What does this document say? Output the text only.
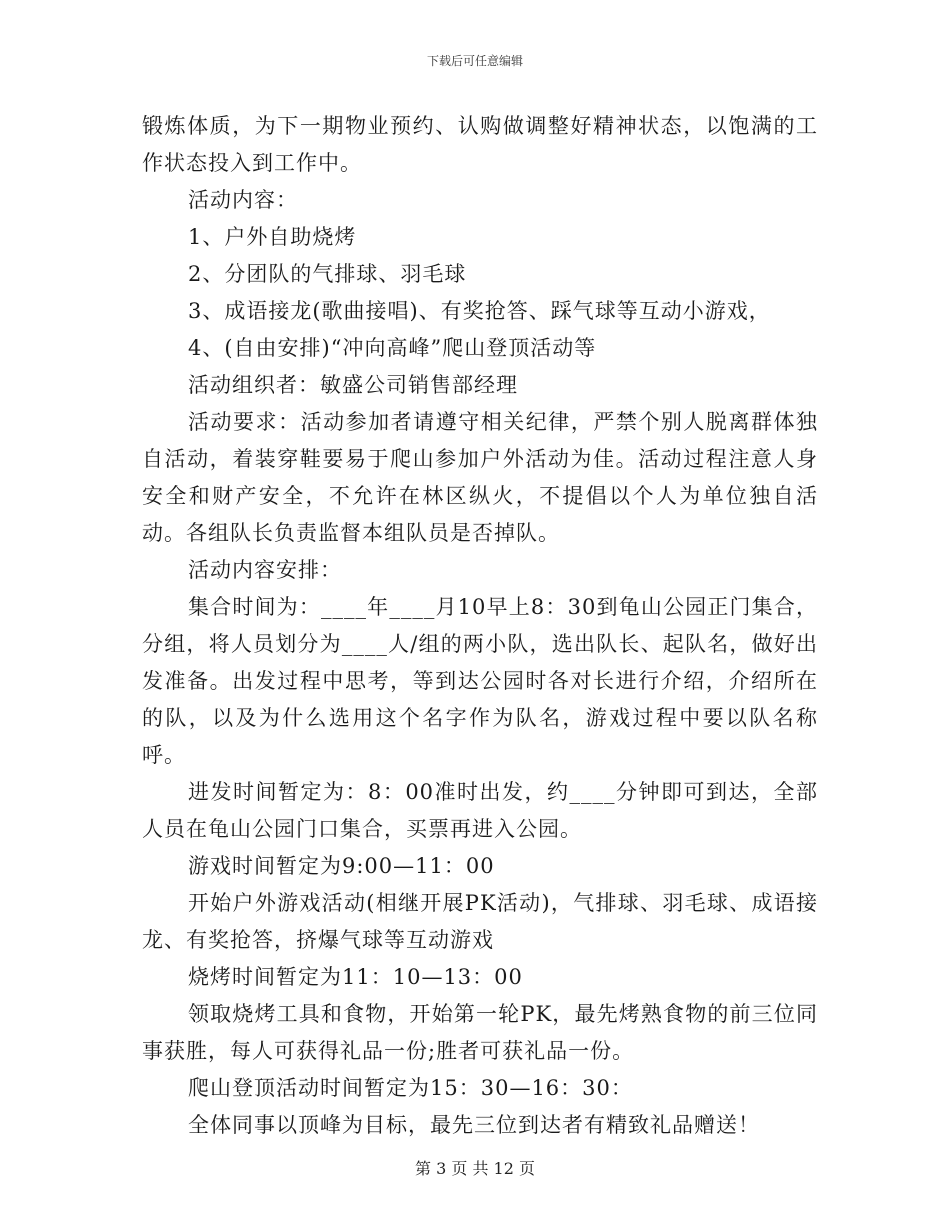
下载后可任意编辑

锻炼体质，为下一期物业预约、认购做调整好精神状态，以饱满的工作状态投入到工作中。

活动内容：

1、户外自助烧烤

2、分团队的气排球、羽毛球

3、成语接龙(歌曲接唱)、有奖抢答、踩气球等互动小游戏，

4、(自由安排)“冲向高峰”爬山登顶活动等

活动组织者：敏盛公司销售部经理

活动要求：活动参加者请遵守相关纪律，严禁个别人脱离群体独自活动，着装穿鞋要易于爬山参加户外活动为佳。活动过程注意人身安全和财产安全，不允许在林区纵火，不提倡以个人为单位独自活动。各组队长负责监督本组队员是否掉队。

活动内容安排：

集合时间为：____年____月10早上8：30到龟山公园正门集合，分组，将人员划分为____人/组的两小队，选出队长、起队名，做好出发准备。出发过程中思考，等到达公园时各对长进行介绍，介绍所在的队，以及为什么选用这个名字作为队名，游戏过程中要以队名称呼。

进发时间暂定为：8：00准时出发，约____分钟即可到达，全部人员在龟山公园门口集合，买票再进入公园。

游戏时间暂定为9:00—11：00

开始户外游戏活动(相继开展PK活动)，气排球、羽毛球、成语接龙、有奖抢答，挤爆气球等互动游戏

烧烤时间暂定为11：10—13：00

领取烧烤工具和食物，开始第一轮PK，最先烤熟食物的前三位同事获胜，每人可获得礼品一份;胜者可获礼品一份。

爬山登顶活动时间暂定为15：30—16：30：

全体同事以顶峰为目标，最先三位到达者有精致礼品赠送！

第 3 页 共 12 页
